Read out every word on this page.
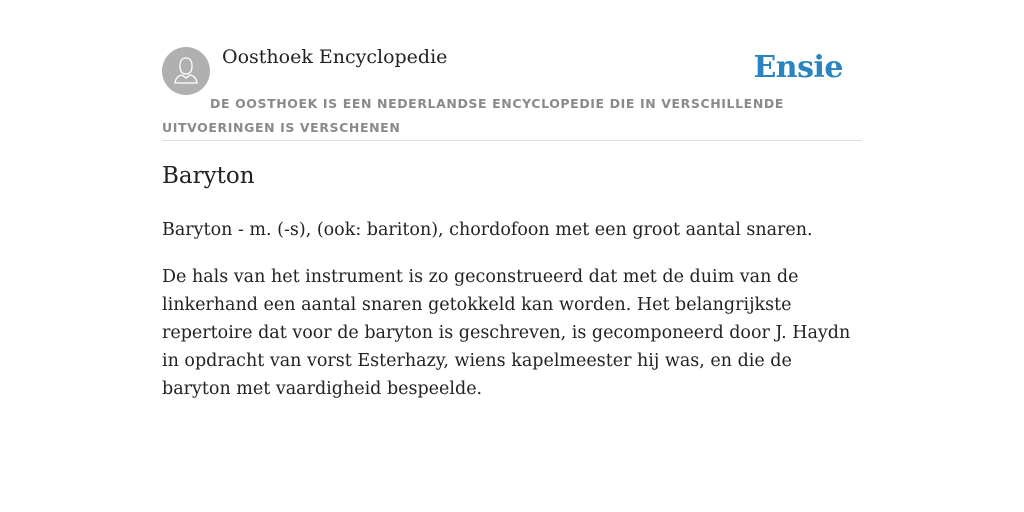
Oosthoek Encyclopedie	Ensie
DE OOSTHOEK IS EEN NEDERLANDSE ENCYCLOPEDIE DIE IN VERSCHILLENDE UITVOERINGEN IS VERSCHENEN
Baryton

Baryton - m. (-s), (ook: bariton), chordofoon met een groot aantal snaren.

De hals van het instrument is zo geconstrueerd dat met de duim van de linkerhand een aantal snaren getokkeld kan worden. Het belangrijkste repertoire dat voor de baryton is geschreven, is gecomponeerd door J. Haydn in opdracht van vorst Esterhazy, wiens kapelmeester hij was, en die de baryton met vaardigheid bespeelde.
